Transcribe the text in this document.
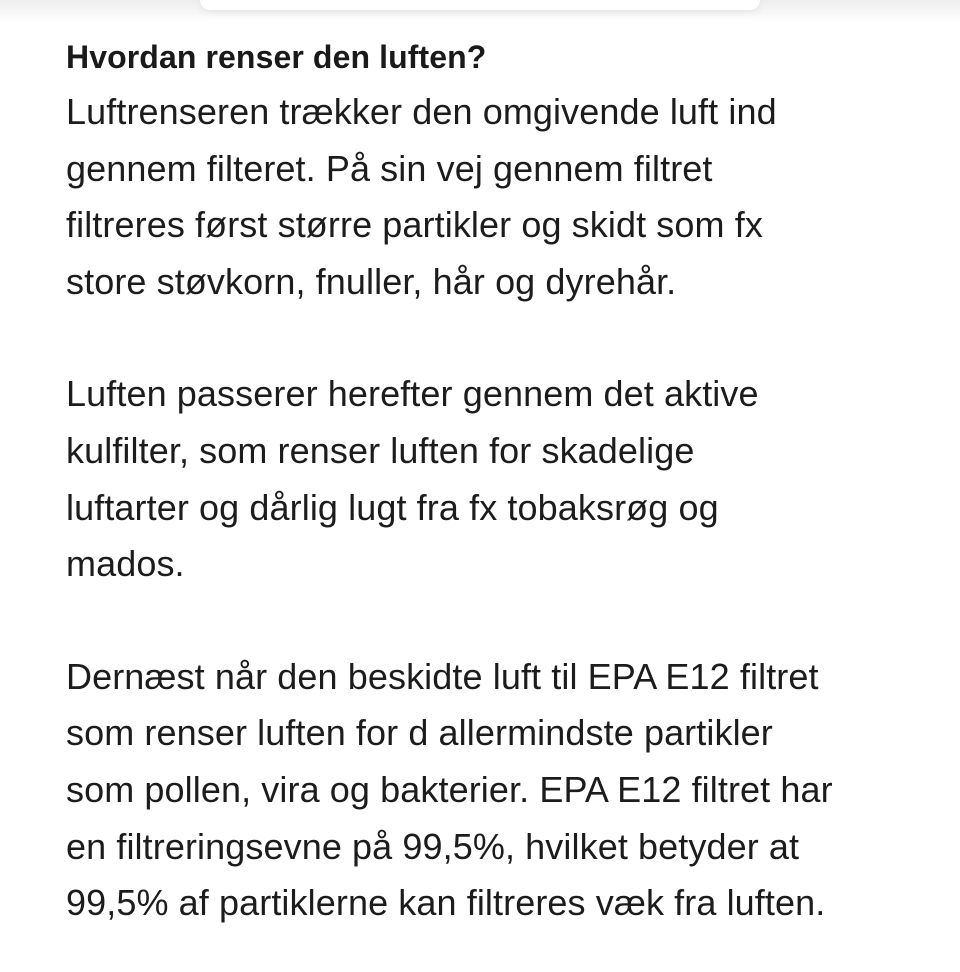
Hvordan renser den luften?

Luftrenseren trækker den omgivende luft ind
gennem filteret. På sin vej gennem filtret
filtreres først større partikler og skidt som fx
store støvkorn, fnuller, hår og dyrehår.

Luften passerer herefter gennem det aktive
kulfilter, som renser luften for skadelige
luftarter og dårlig lugt fra fx tobaksrøg og
mados.

Dernæst når den beskidte luft til EPA E12 filtret
som renser luften for d allermindste partikler
som pollen, vira og bakterier. EPA E12 filtret har
en filtreringsevne på 99,5%, hvilket betyder at
99,5% af partiklerne kan filtreres væk fra luften.
